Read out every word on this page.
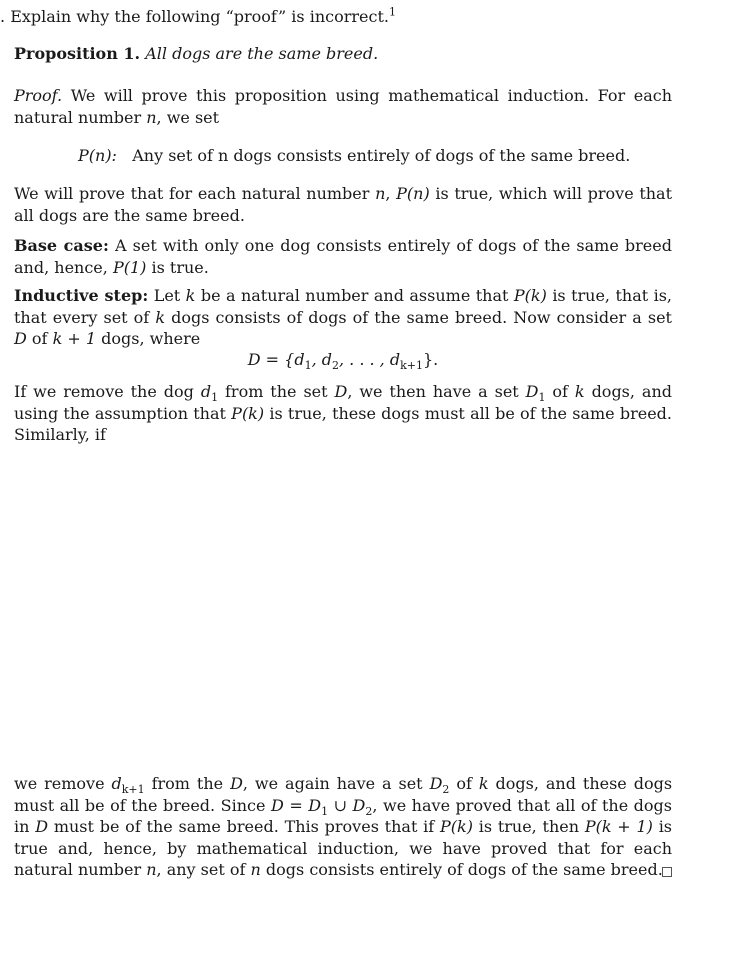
. Explain why the following “proof” is incorrect.$^1$

Proposition 1. All dogs are the same breed.

Proof. We will prove this proposition using mathematical induction. For each natural number n, we set

P(n): Any set of n dogs consists entirely of dogs of the same breed.

We will prove that for each natural number n, P(n) is true, which will prove that all dogs are the same breed.

Base case: A set with only one dog consists entirely of dogs of the same breed and, hence, P(1) is true.

Inductive step: Let k be a natural number and assume that P(k) is true, that is, that every set of k dogs consists of dogs of the same breed. Now consider a set D of k + 1 dogs, where

$D = \{d_1$, $d_2$, . . . , $d_{k+1}$}.

If we remove the dog $d_1$ from the set D, we then have a set $D_1$ of k dogs, and using the assumption that P(k) is true, these dogs must all be of the same breed. Similarly, if

we remove $d_{k+1}$ from the D, we again have a set $D_2$ of k dogs, and these dogs must all be of the breed. Since $D = D_1$ ∪ $D_2$, we have proved that all of the dogs in D must be of the same breed. This proves that if P(k) is true, then P(k + 1) is true and, hence, by mathematical induction, we have proved that for each natural number n, any set of n dogs consists entirely of dogs of the same breed.
